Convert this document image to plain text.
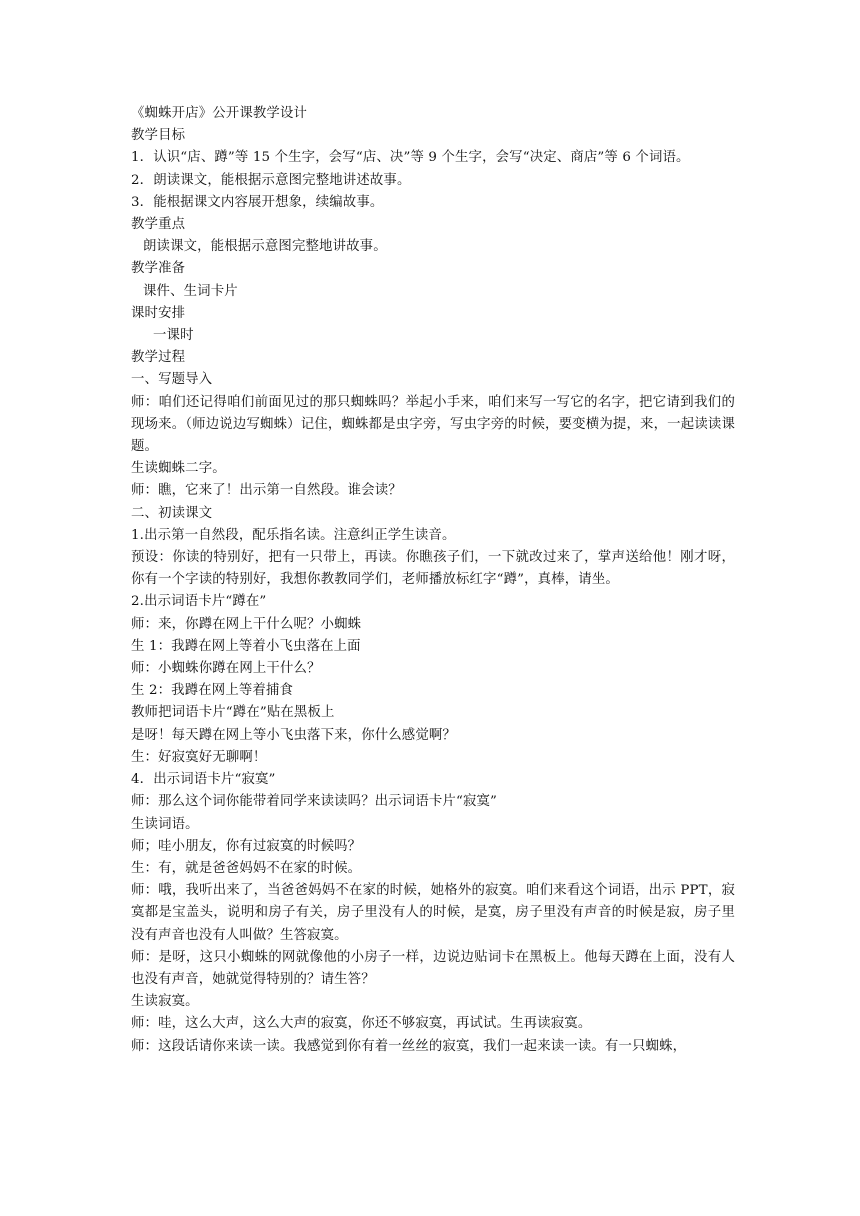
《蜘蛛开店》公开课教学设计

教学目标

1．认识“店、蹲”等 15 个生字，会写“店、决”等 9 个生字，会写“决定、商店”等 6 个词语。

2．朗读课文，能根据示意图完整地讲述故事。

3．能根据课文内容展开想象，续编故事。

教学重点

朗读课文，能根据示意图完整地讲故事。

教学准备

课件、生词卡片

课时安排

一课时

教学过程

一、写题导入

师：咱们还记得咱们前面见过的那只蜘蛛吗？举起小手来，咱们来写一写它的名字，把它请到我们的现场来。（师边说边写蜘蛛）记住，蜘蛛都是虫字旁，写虫字旁的时候，要变横为提，来，一起读读课题。

生读蜘蛛二字。

师：瞧，它来了！出示第一自然段。谁会读？

二、初读课文

1.出示第一自然段，配乐指名读。注意纠正学生读音。

预设：你读的特别好，把有一只带上，再读。你瞧孩子们，一下就改过来了，掌声送给他！刚才呀，你有一个字读的特别好，我想你教教同学们，老师播放标红字“蹲”，真棒，请坐。

2.出示词语卡片“蹲在”

师：来，你蹲在网上干什么呢？小蜘蛛

生 1：我蹲在网上等着小飞虫落在上面

师：小蜘蛛你蹲在网上干什么？

生 2：我蹲在网上等着捕食

教师把词语卡片“蹲在”贴在黑板上

是呀！每天蹲在网上等小飞虫落下来，你什么感觉啊？

生：好寂寞好无聊啊！

4．出示词语卡片“寂寞”

师：那么这个词你能带着同学来读读吗？出示词语卡片“寂寞”

生读词语。

师；哇小朋友，你有过寂寞的时候吗？

生：有，就是爸爸妈妈不在家的时候。

师：哦，我听出来了，当爸爸妈妈不在家的时候，她格外的寂寞。咱们来看这个词语，出示 PPT，寂寞都是宝盖头，说明和房子有关，房子里没有人的时候，是寞，房子里没有声音的时候是寂，房子里没有声音也没有人叫做？生答寂寞。

师：是呀，这只小蜘蛛的网就像他的小房子一样，边说边贴词卡在黑板上。他每天蹲在上面，没有人也没有声音，她就觉得特别的？请生答？

生读寂寞。

师：哇，这么大声，这么大声的寂寞，你还不够寂寞，再试试。生再读寂寞。

师：这段话请你来读一读。我感觉到你有着一丝丝的寂寞，我们一起来读一读。有一只蜘蛛，
